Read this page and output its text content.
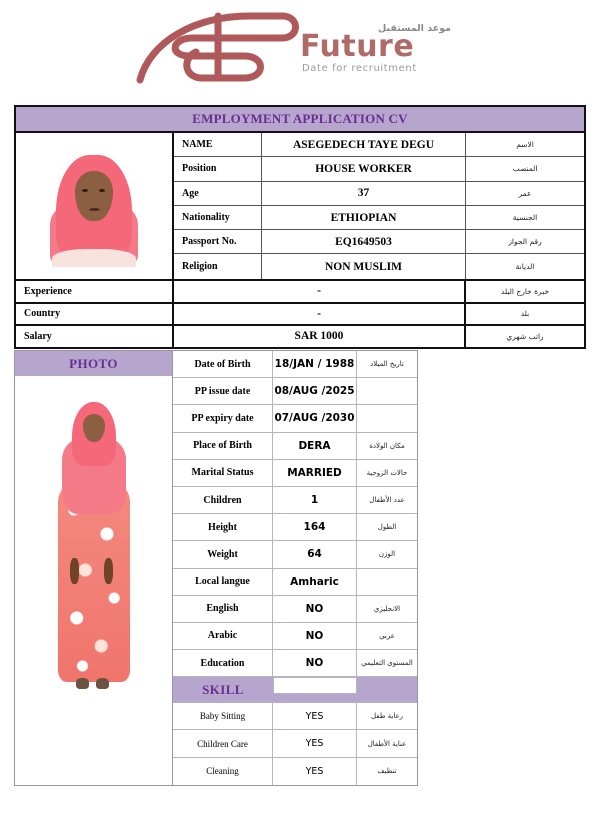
موعد المستقبل
Future
Date for recruitment
EMPLOYMENT APPLICATION CV
NAME	ASEGEDECH TAYE DEGU	الاسم
Position	HOUSE WORKER	المنصب
Age	37	عمر
Nationality	ETHIOPIAN	الجنسية
Passport No.	EQ1649503	رقم الجواز
Religion	NON MUSLIM	الديانة
Experience	-	خبرة خارج البلد
Country	-	بلد
Salary	SAR 1000	راتب شهري
PHOTO	Date of Birth	18/JAN / 1988	تاريخ الميلاد
PP issue date	08/AUG /2025
PP expiry date	07/AUG /2030
Place of Birth	DERA	مكان الولادة
Marital Status	MARRIED	حالات الزوجية
Children	1	عدد الأطفال
Height	164	الطول
Weight	64	الوزن
Local langue	Amharic
English	NO	الانجليزي
Arabic	NO	عربي
Education	NO	المستوى التعليمي
SKILL
Baby Sitting	YES	رعاية طفل
Children Care	YES	عناية الأطفال
Cleaning	YES	تنظيف
